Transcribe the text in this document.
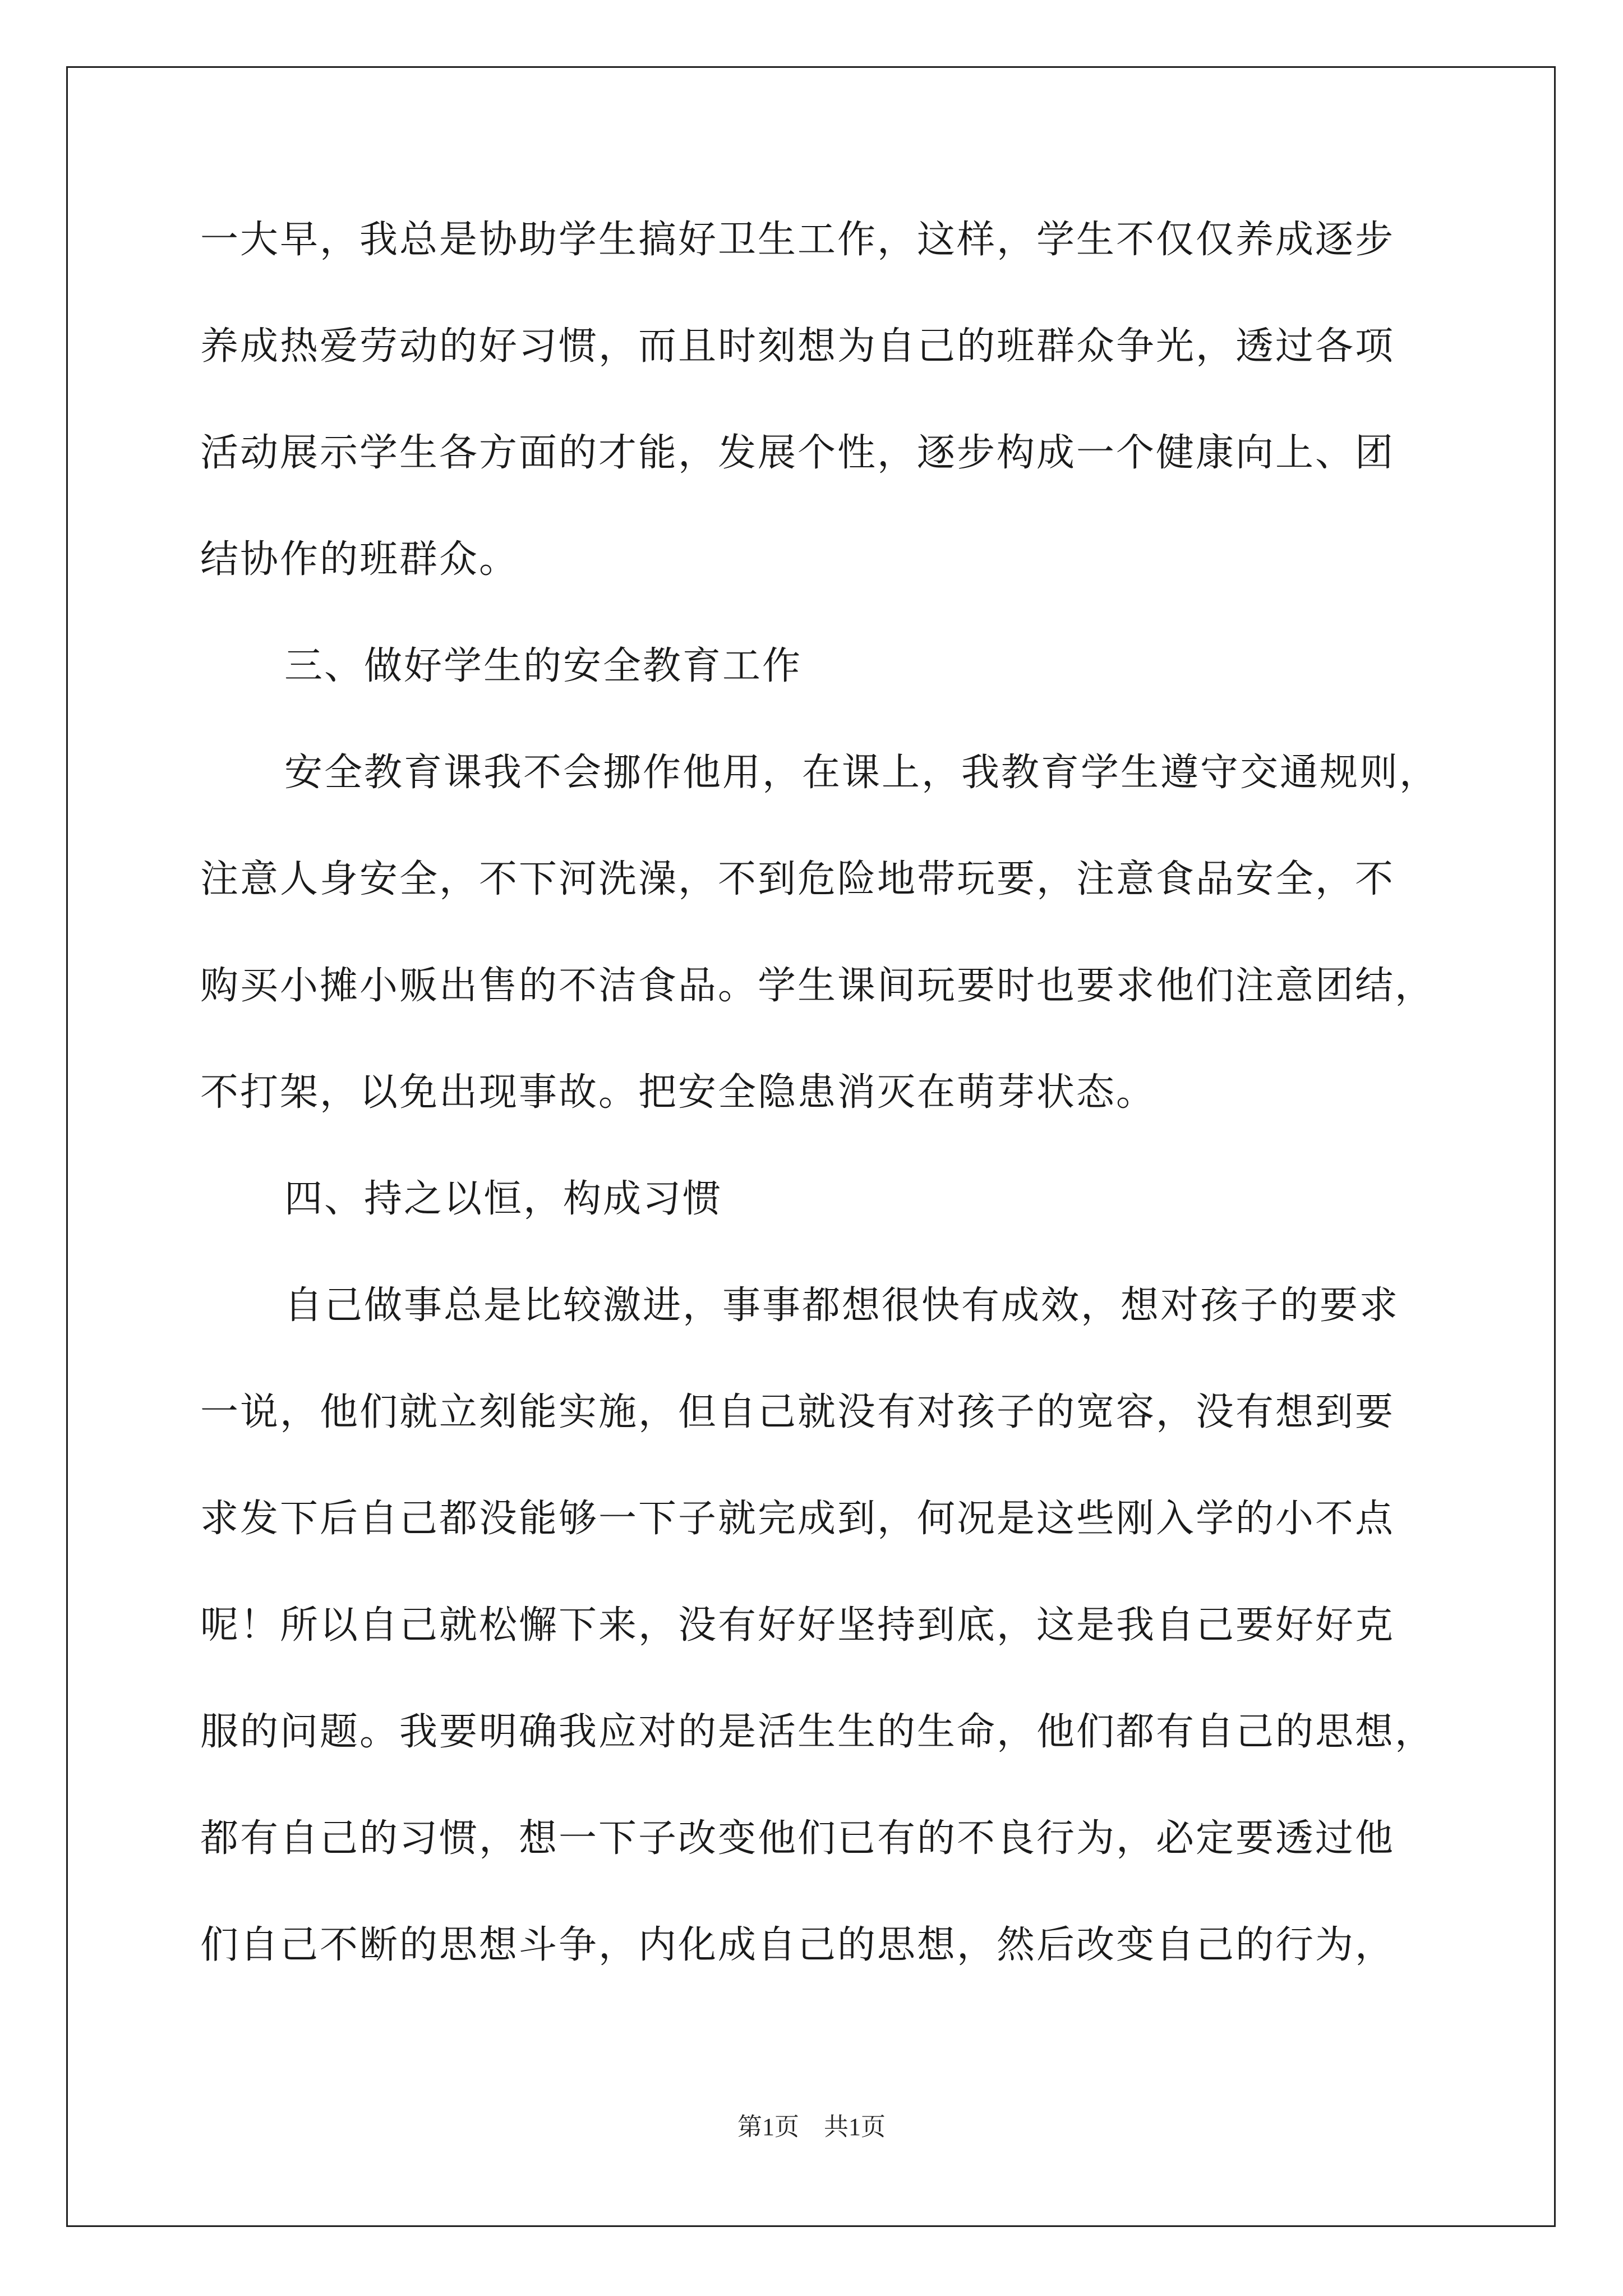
一大早，我总是协助学生搞好卫生工作，这样，学生不仅仅养成逐步
养成热爱劳动的好习惯，而且时刻想为自己的班群众争光，透过各项
活动展示学生各方面的才能，发展个性，逐步构成一个健康向上、团
结协作的班群众。
三、做好学生的安全教育工作
安全教育课我不会挪作他用，在课上，我教育学生遵守交通规则，
注意人身安全，不下河洗澡，不到危险地带玩要，注意食品安全，不
购买小摊小贩出售的不洁食品。学生课间玩要时也要求他们注意团结，
不打架，以免出现事故。把安全隐患消灭在萌芽状态。
四、持之以恒，构成习惯
自己做事总是比较激进，事事都想很快有成效，想对孩子的要求
一说，他们就立刻能实施，但自己就没有对孩子的宽容，没有想到要
求发下后自己都没能够一下子就完成到，何况是这些刚入学的小不点
呢！所以自己就松懈下来，没有好好坚持到底，这是我自己要好好克
服的问题。我要明确我应对的是活生生的生命，他们都有自己的思想，
都有自己的习惯，想一下子改变他们已有的不良行为，必定要透过他
们自己不断的思想斗争，内化成自己的思想，然后改变自己的行为，
第1页　共1页
